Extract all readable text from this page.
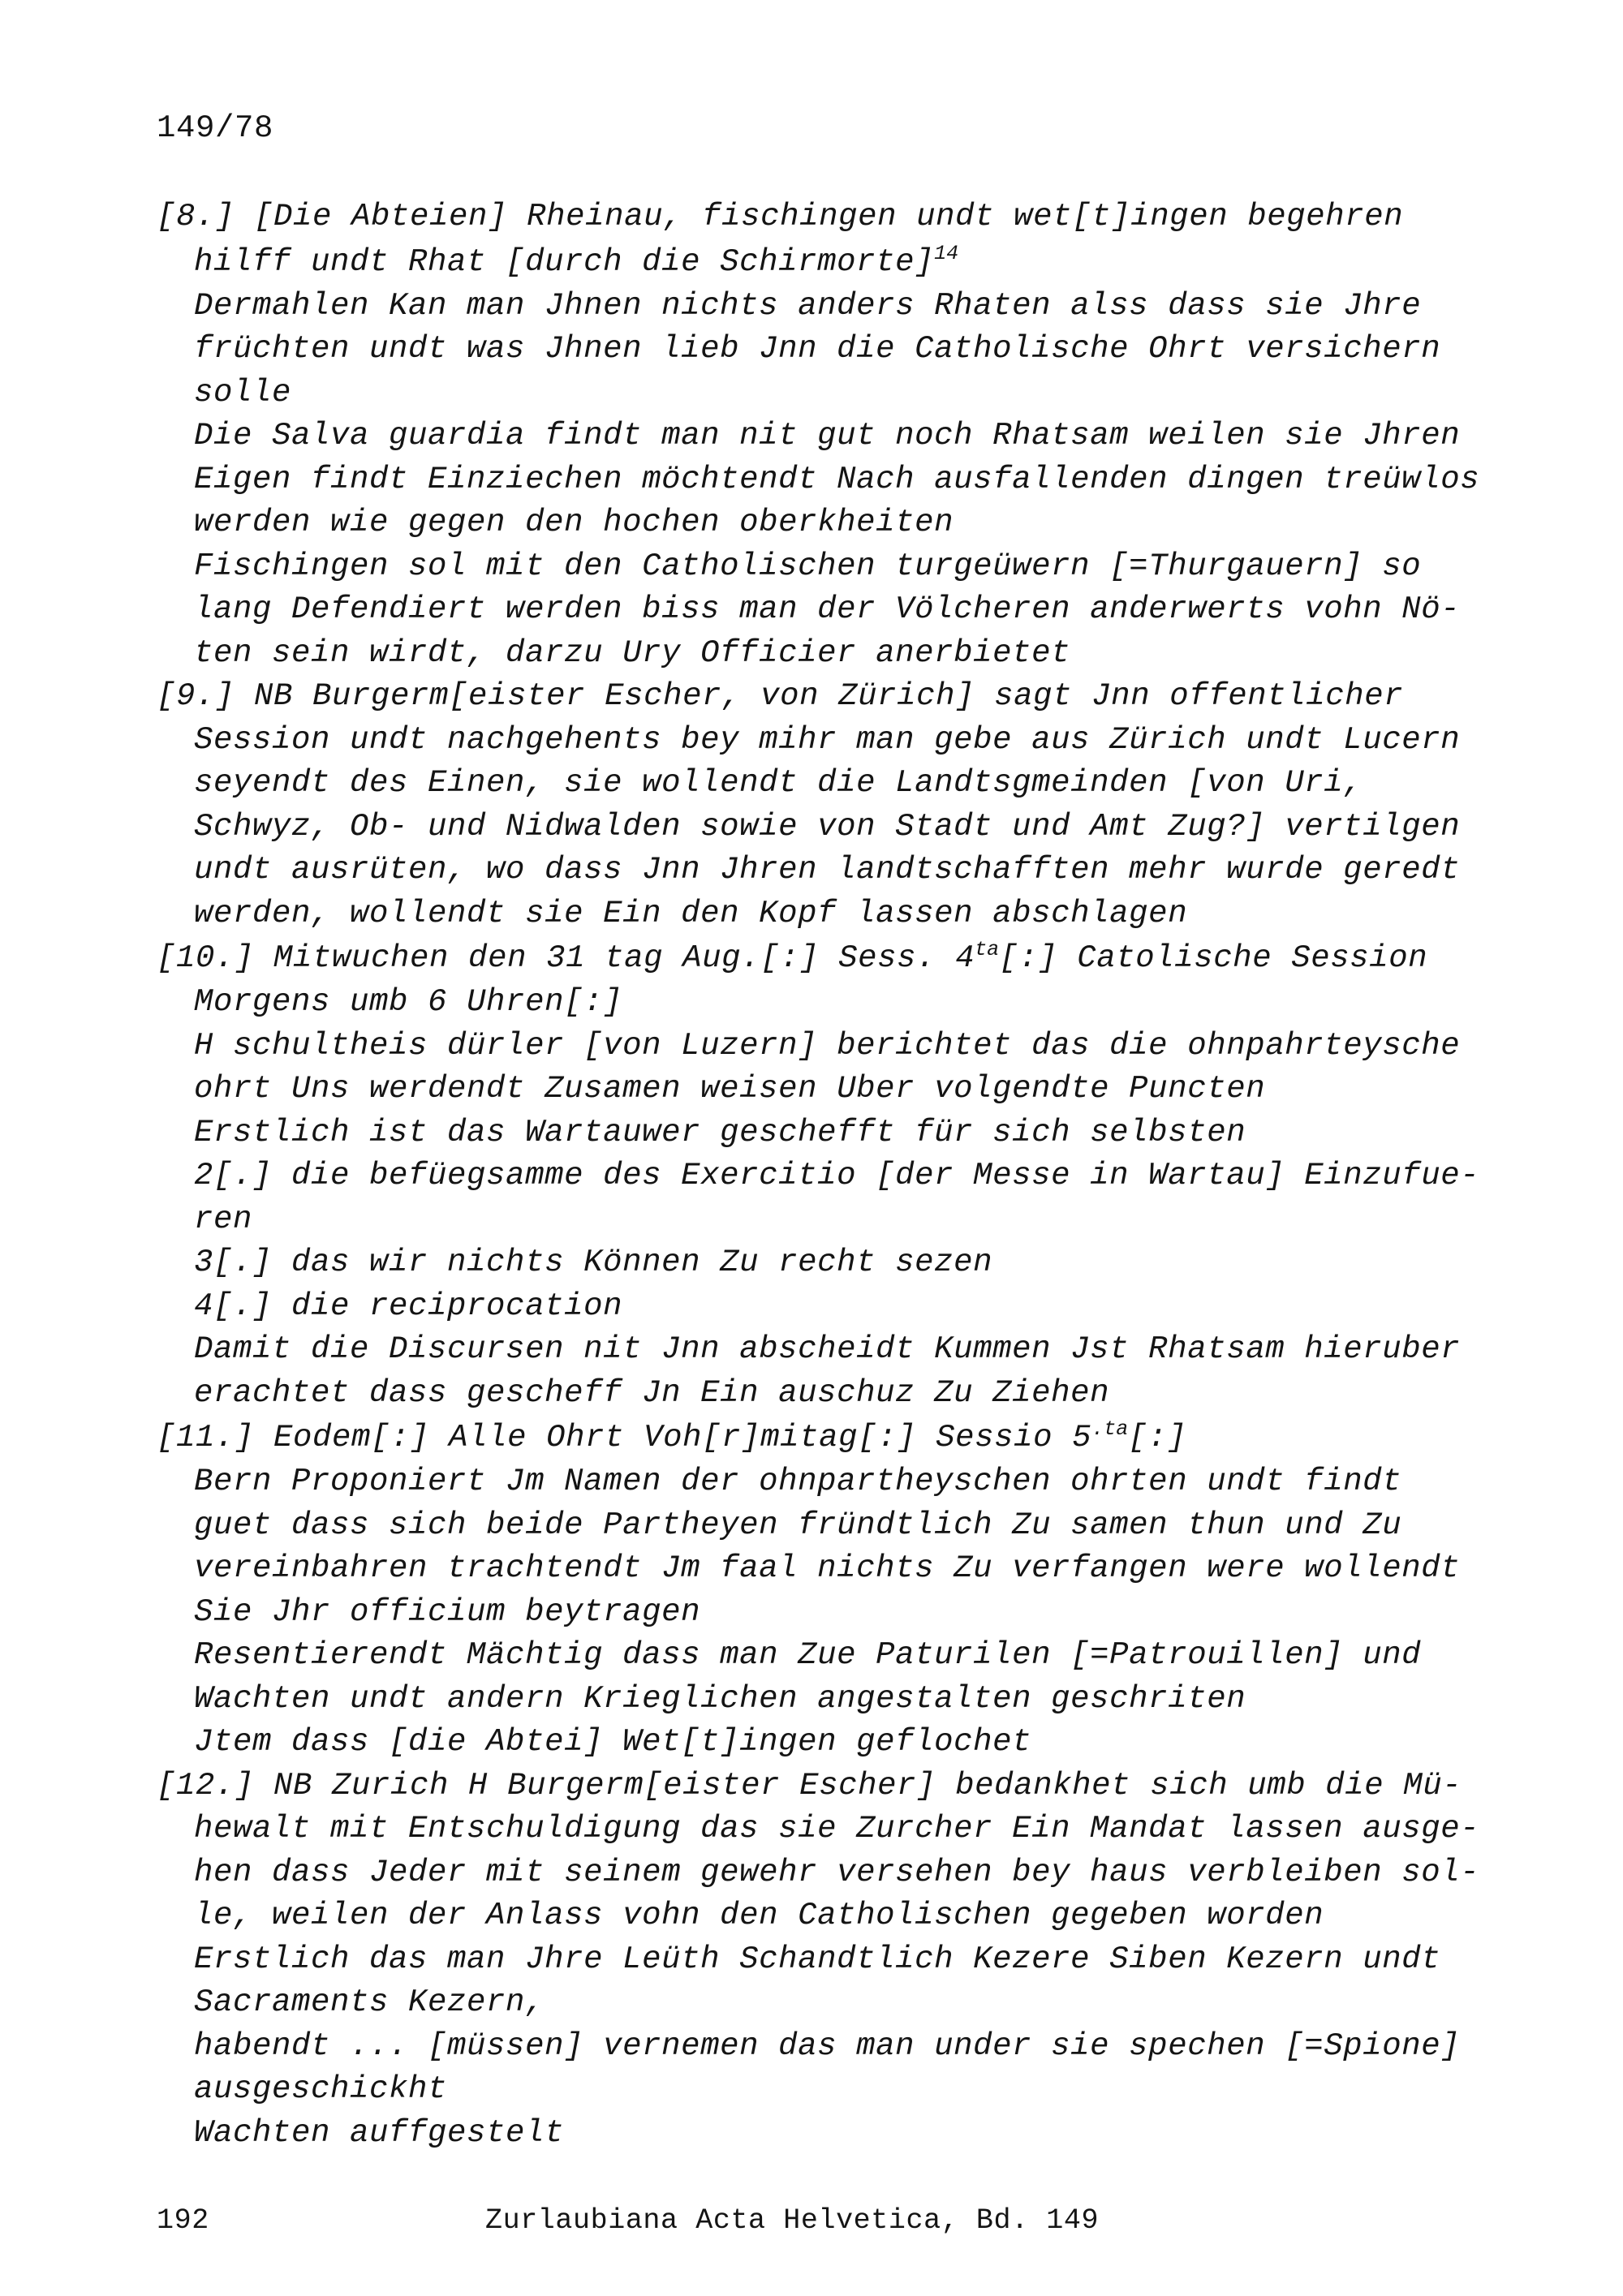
149/78
[8.] [Die Abteien] Rheinau, fischingen undt wet[t]ingen begehren
hilff undt Rhat [durch die Schirmorte]$^{14}$
Dermahlen Kan man Jhnen nichts anders Rhaten alss dass sie Jhre
früchten undt was Jhnen lieb Jnn die Catholische Ohrt versichern
solle
Die Salva guardia findt man nit gut noch Rhatsam weilen sie Jhren
Eigen findt Einziechen möchtendt Nach ausfallenden dingen treüwlos
werden wie gegen den hochen oberkheiten
Fischingen sol mit den Catholischen turgeüwern [=Thurgauern] so
lang Defendiert werden biss man der Völcheren anderwerts vohn Nö-
ten sein wirdt, darzu Ury Officier anerbietet
[9.] NB Burgerm[eister Escher, von Zürich] sagt Jnn offentlicher
Session undt nachgehents bey mihr man gebe aus Zürich undt Lucern
seyendt des Einen, sie wollendt die Landtsgmeinden [von Uri,
Schwyz, Ob- und Nidwalden sowie von Stadt und Amt Zug?] vertilgen
undt ausrüten, wo dass Jnn Jhren landtschafften mehr wurde geredt
werden, wollendt sie Ein den Kopf lassen abschlagen
[10.] Mitwuchen den 31 tag Aug.[:] Sess. $4^{ta}[:]$ Catolische Session
Morgens umb 6 Uhren[:]
H schultheis dürler [von Luzern] berichtet das die ohnpahrteysche
ohrt Uns werdendt Zusamen weisen Uber volgendte Puncten
Erstlich ist das Wartauwer geschefft für sich selbsten
2[.] die befüegsamme des Exercitio [der Messe in Wartau] Einzufue-
ren
3[.] das wir nichts Können Zu recht sezen
4[.] die reciprocation
Damit die Discursen nit Jnn abscheidt Kummen Jst Rhatsam hieruber
erachtet dass gescheff Jn Ein auschuz Zu Ziehen
[11.] Eodem[:] Alle Ohrt Voh[r]mitag[:] Sessio $5^{.ta}[:]$
Bern Proponiert Jm Namen der ohnpartheyschen ohrten undt findt
guet dass sich beide Partheyen fründtlich Zu samen thun und Zu
vereinbahren trachtendt Jm faal nichts Zu verfangen were wollendt
Sie Jhr officium beytragen
Resentierendt Mächtig dass man Zue Paturilen [=Patrouillen] und
Wachten undt andern Krieglichen angestalten geschriten
Jtem dass [die Abtei] Wet[t]ingen geflochet
[12.] NB Zurich H Burgerm[eister Escher] bedankhet sich umb die Mü-
hewalt mit Entschuldigung das sie Zurcher Ein Mandat lassen ausge-
hen dass Jeder mit seinem gewehr versehen bey haus verbleiben sol-
le, weilen der Anlass vohn den Catholischen gegeben worden
Erstlich das man Jhre Leüth Schandtlich Kezere Siben Kezern undt
Sacraments Kezern,
habendt ... [müssen] vernemen das man under sie spechen [=Spione]
ausgeschickht
Wachten auffgestelt
192	Zurlaubiana Acta Helvetica, Bd. 149
